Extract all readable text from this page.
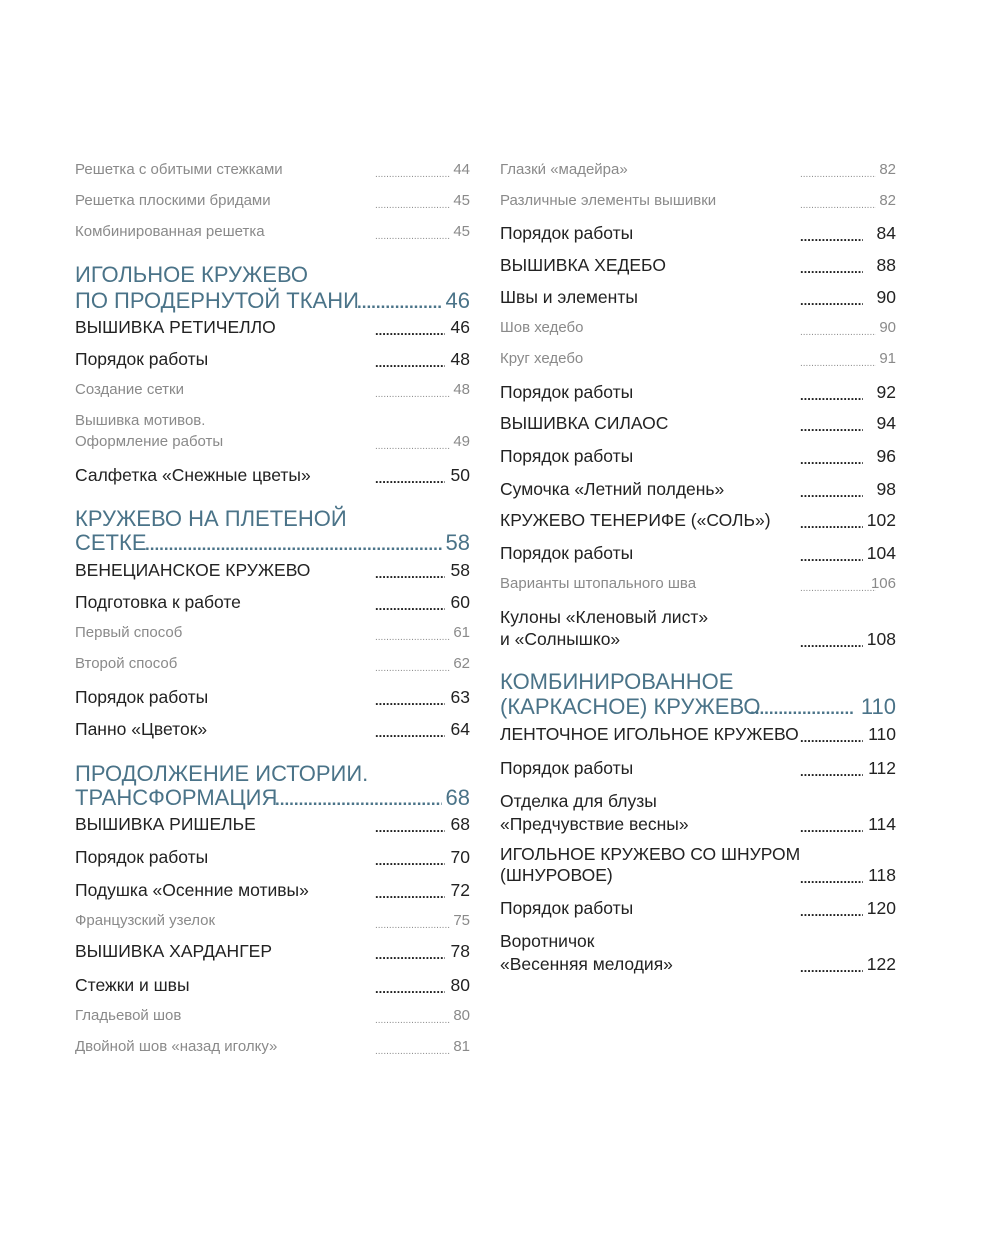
Решетка с обитыми стежками .....	44
Решетка плоскими бридами .....	45
Комбинированная решетка .....	45
ИГОЛЬНОЕ КРУЖЕВО
ПО ПРОДЕРНУТОЙ ТКАНИ .....	46
ВЫШИВКА РЕТИЧЕЛЛО .....	46
Порядок работы .....	48
Создание сетки .....	48
Вышивка мотивов.
Оформление работы .....	49
Салфетка «Снежные цветы» .....	50
КРУЖЕВО НА ПЛЕТЕНОЙ
СЕТКЕ .....	58
ВЕНЕЦИАНСКОЕ КРУЖЕВО .....	58
Подготовка к работе .....	60
Первый способ .....	61
Второй способ .....	62
Порядок работы .....	63
Панно «Цветок» .....	64
ПРОДОЛЖЕНИЕ ИСТОРИИ.
ТРАНСФОРМАЦИЯ .....	68
ВЫШИВКА РИШЕЛЬЕ .....	68
Порядок работы .....	70
Подушка «Осенние мотивы» .....	72
Французский узелок .....	75
ВЫШИВКА ХАРДАНГЕР .....	78
Стежки и швы .....	80
Гладьевой шов .....	80
Двойной шов «назад иголку» .....	81
Глазки́ «мадейра» .....	82
Различные элементы вышивки .....	82
Порядок работы .....	84
ВЫШИВКА ХЕДЕБО .....	88
Швы и элементы .....	90
Шов хедебо .....	90
Круг хедебо .....	91
Порядок работы .....	92
ВЫШИВКА СИЛАОС .....	94
Порядок работы .....	96
Сумочка «Летний полдень» .....	98
КРУЖЕВО ТЕНЕРИФЕ («СОЛЬ») .....	102
Порядок работы .....	104
Варианты штопального шва .....	106
Кулоны «Кленовый лист»
и «Солнышко» .....	108
КОМБИНИРОВАННОЕ
(КАРКАСНОЕ) КРУЖЕВО .....	110
ЛЕНТОЧНОЕ ИГОЛЬНОЕ КРУЖЕВО .....	110
Порядок работы .....	112
Отделка для блузы
«Предчувствие весны» .....	114
ИГОЛЬНОЕ КРУЖЕВО СО ШНУРОМ
(ШНУРОВОЕ) .....	118
Порядок работы .....	120
Воротничок
«Весенняя мелодия» .....	122
